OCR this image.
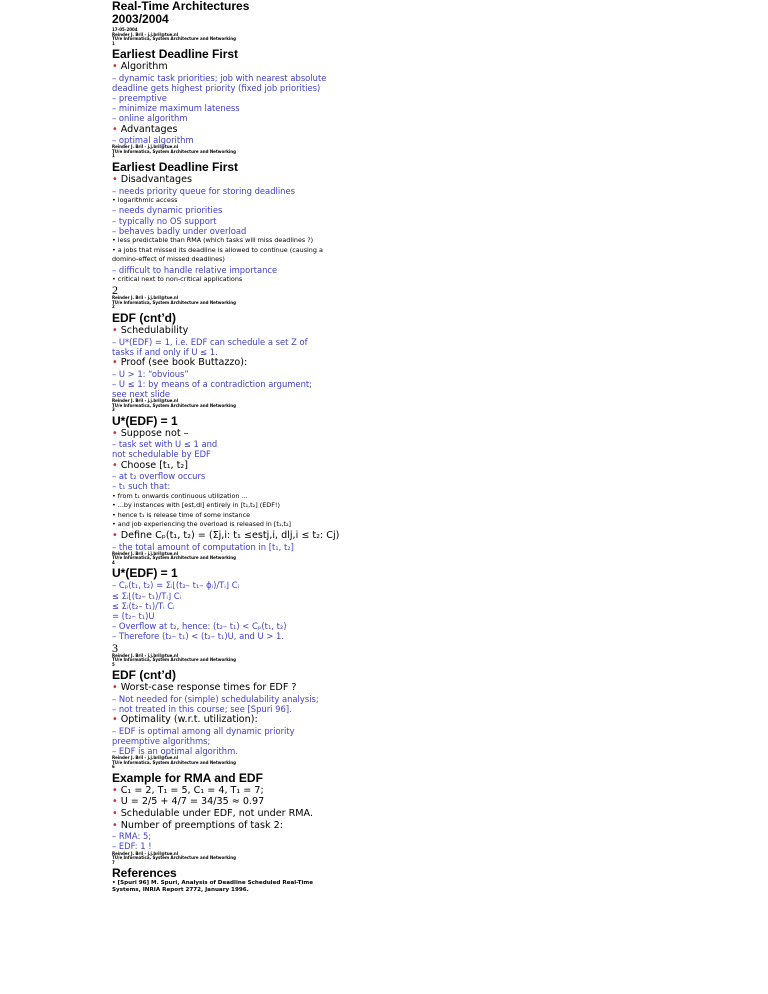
Real-Time Architectures
2003/2004
17-05-2004
Reinder J. Bril - j.j.bril@tue.nl
TU/e Informatica, System Architecture and Networking
1
Earliest Deadline First
• Algorithm
– dynamic task priorities; job with nearest absolute
deadline gets highest priority (fixed job priorities)
– preemptive
– minimize maximum lateness
– online algorithm
• Advantages
– optimal algorithm
Reinder J. Bril - j.j.bril@tue.nl
TU/e Informatica, System Architecture and Networking
1
Earliest Deadline First
• Disadvantages
– needs priority queue for storing deadlines
• logarithmic access
– needs dynamic priorities
– typically no OS support
– behaves badly under overload
• less predictable than RMA (which tasks will miss deadlines ?)
• a jobs that missed its deadline is allowed to continue (causing a
domino-effect of missed deadlines)
– difficult to handle relative importance
• critical next to non-critical applications
2
Reinder J. Bril - j.j.bril@tue.nl
TU/e Informatica, System Architecture and Networking
2
EDF (cnt’d)
• Schedulability
– U*(EDF) = 1, i.e. EDF can schedule a set Z of
tasks if and only if U ≤ 1.
• Proof (see book Buttazzo):
– U > 1: “obvious”
– U ≤ 1: by means of a contradiction argument;
see next slide
Reinder J. Bril - j.j.bril@tue.nl
TU/e Informatica, System Architecture and Networking
3
U*(EDF) = 1
• Suppose not –
– task set with U ≤ 1 and
not schedulable by EDF
• Choose [t₁, t₂]
– at t₂ overflow occurs
– t₁ such that:
• from t₁ onwards continuous utilization ...
• ...by instances with [est,dl] entirely in [t₁,t₂] (EDF!)
• hence t₁ is release time of some instance
• and job experiencing the overload is released in [t₁,t₂]
• Define Cₚ(t₁, t₂) = (Σj,i: t₁ ≤estj,i, dlj,i ≤ t₂: Cj)
– the total amount of computation in [t₁, t₂]
Reinder J. Bril - j.j.bril@tue.nl
TU/e Informatica, System Architecture and Networking
4
U*(EDF) = 1
– Cₚ(t₁, t₂) = Σᵢ⌊(t₂– t₁– ϕᵢ)/Tᵢ⌋ Cᵢ
≤ Σᵢ⌊(t₂– t₁)/Tᵢ⌋ Cᵢ
≤ Σᵢ(t₂– t₁)/Tᵢ Cᵢ
= (t₂– t₁)U
– Overflow at t₂, hence: (t₂– t₁) < Cₚ(t₁, t₂)
– Therefore (t₂– t₁) < (t₂– t₁)U, and U > 1.
3
Reinder J. Bril - j.j.bril@tue.nl
TU/e Informatica, System Architecture and Networking
5
EDF (cnt’d)
• Worst-case response times for EDF ?
– Not needed for (simple) schedulability analysis;
– not treated in this course; see [Spuri 96].
• Optimality (w.r.t. utilization):
– EDF is optimal among all dynamic priority
preemptive algorithms;
– EDF is an optimal algorithm.
Reinder J. Bril - j.j.bril@tue.nl
TU/e Informatica, System Architecture and Networking
6
Example for RMA and EDF
• C₁ = 2, T₁ = 5, C₁ = 4, T₁ = 7;
• U = 2/5 + 4/7 = 34/35 ≈ 0.97
• Schedulable under EDF, not under RMA.
• Number of preemptions of task 2:
– RMA: 5;
– EDF: 1 !
Reinder J. Bril - j.j.bril@tue.nl
TU/e Informatica, System Architecture and Networking
7
References
• [Spuri 96] M. Spuri, Analysis of Deadline Scheduled Real-Time
Systems, INRIA Report 2772, January 1996.
